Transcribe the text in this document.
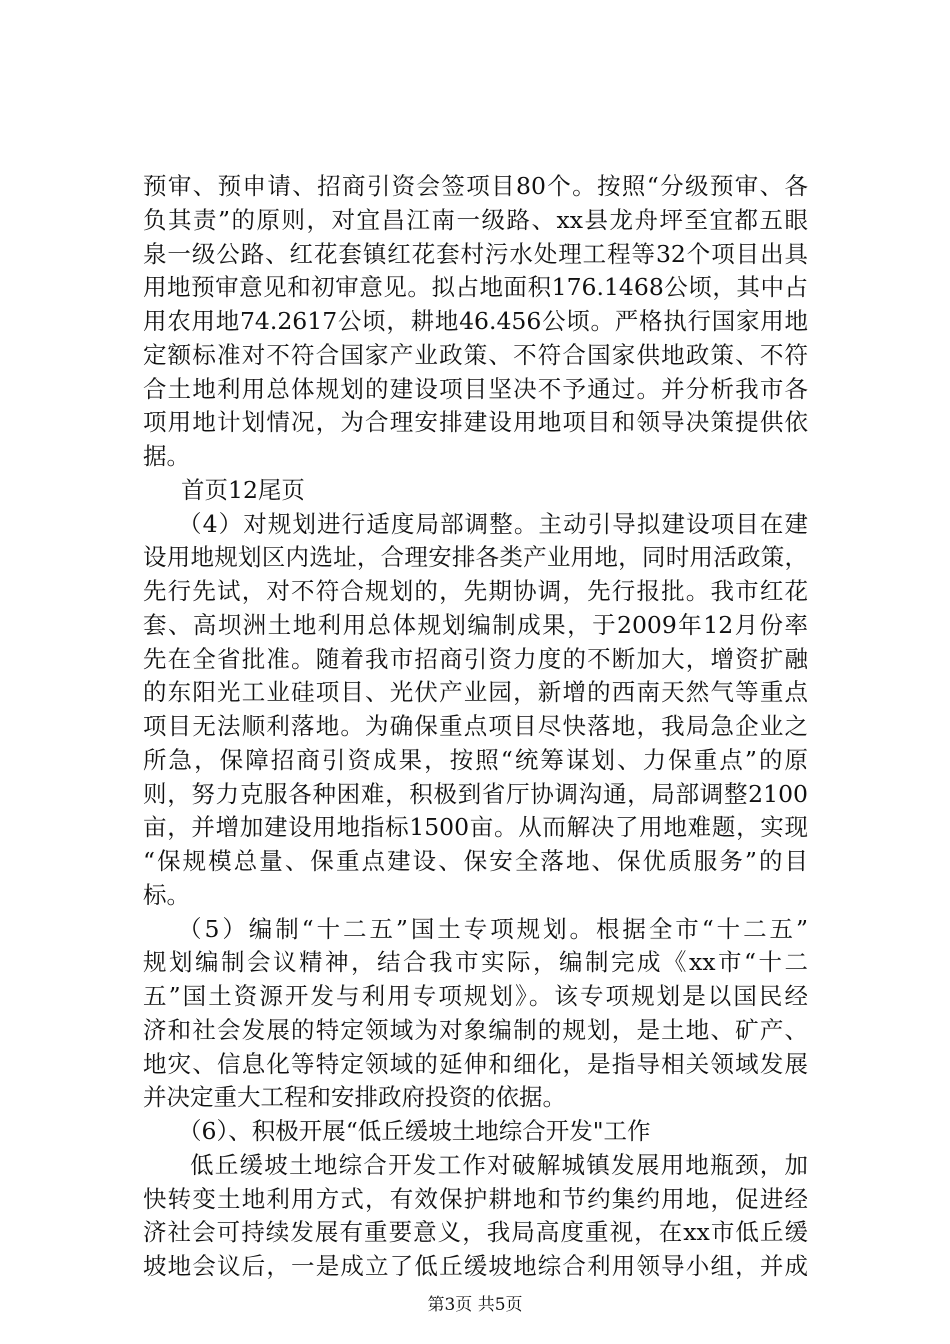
预审、预申请、招商引资会签项目80个。按照“分级预审、各
负其责”的原则，对宜昌江南一级路、xx县龙舟坪至宜都五眼
泉一级公路、红花套镇红花套村污水处理工程等32个项目出具
用地预审意见和初审意见。拟占地面积176.1468公顷，其中占
用农用地74.2617公顷，耕地46.456公顷。严格执行国家用地
定额标准对不符合国家产业政策、不符合国家供地政策、不符
合土地利用总体规划的建设项目坚决不予通过。并分析我市各
项用地计划情况，为合理安排建设用地项目和领导决策提供依
据。
首页12尾页
（4）对规划进行适度局部调整。主动引导拟建设项目在建
设用地规划区内选址，合理安排各类产业用地，同时用活政策，
先行先试，对不符合规划的，先期协调，先行报批。我市红花
套、高坝洲土地利用总体规划编制成果，于2009年12月份率
先在全省批准。随着我市招商引资力度的不断加大，增资扩融
的东阳光工业硅项目、光伏产业园，新增的西南天然气等重点
项目无法顺利落地。为确保重点项目尽快落地，我局急企业之
所急，保障招商引资成果，按照“统筹谋划、力保重点”的原
则，努力克服各种困难，积极到省厅协调沟通，局部调整2100
亩，并增加建设用地指标1500亩。从而解决了用地难题，实现
“保规模总量、保重点建设、保安全落地、保优质服务”的目
标。
（5）编制“十二五”国土专项规划。根据全市“十二五”
规划编制会议精神，结合我市实际，编制完成《xx市“十二
五”国土资源开发与利用专项规划》。该专项规划是以国民经
济和社会发展的特定领域为对象编制的规划，是土地、矿产、
地灾、信息化等特定领域的延伸和细化，是指导相关领域发展
并决定重大工程和安排政府投资的依据。
（6）、积极开展“低丘缓坡土地综合开发"工作
低丘缓坡土地综合开发工作对破解城镇发展用地瓶颈，加
快转变土地利用方式，有效保护耕地和节约集约用地，促进经
济社会可持续发展有重要意义，我局高度重视，在xx市低丘缓
坡地会议后，一是成立了低丘缓坡地综合利用领导小组，并成
第3页 共5页
